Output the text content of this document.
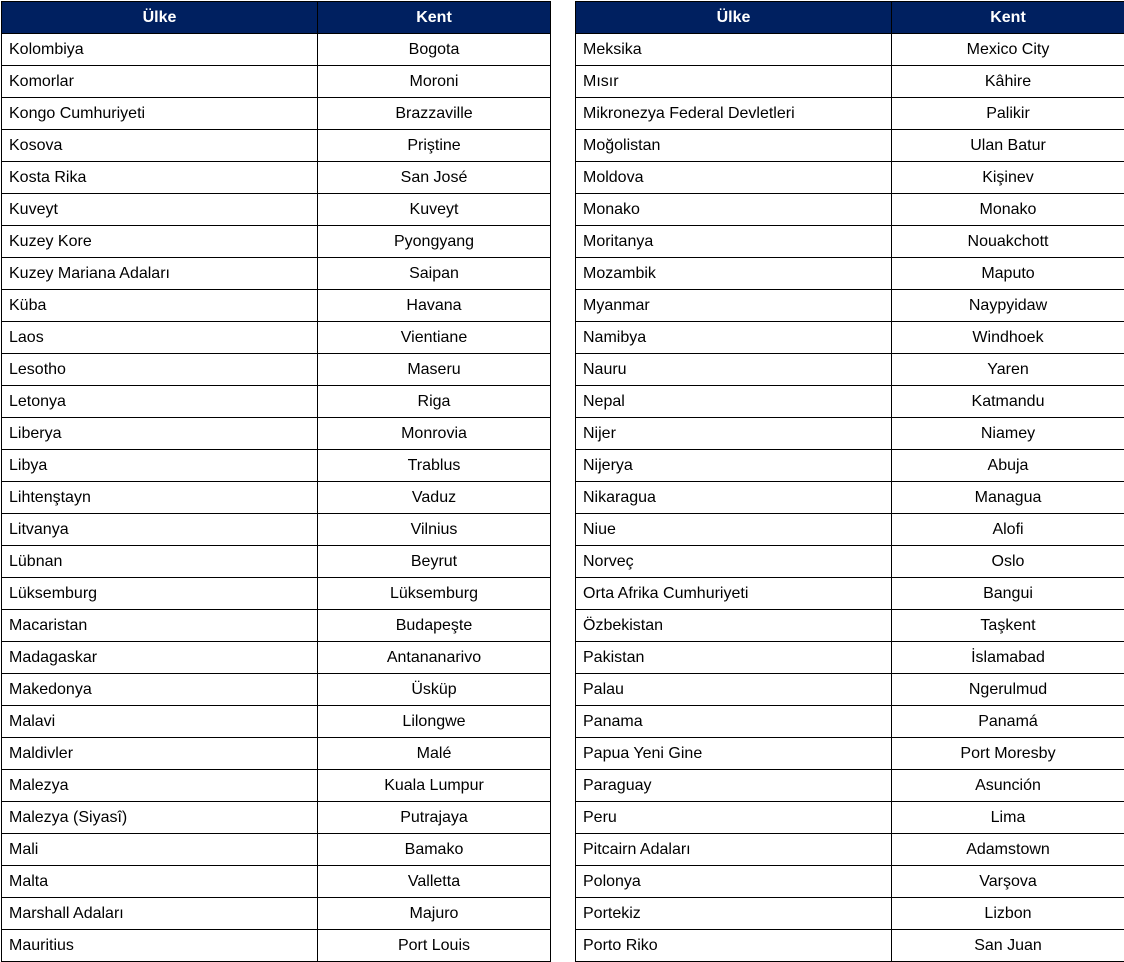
Ülke	Kent
Kolombiya	Bogota
Komorlar	Moroni
Kongo Cumhuriyeti	Brazzaville
Kosova	Priştine
Kosta Rika	San José
Kuveyt	Kuveyt
Kuzey Kore	Pyongyang
Kuzey Mariana Adaları	Saipan
Küba	Havana
Laos	Vientiane
Lesotho	Maseru
Letonya	Riga
Liberya	Monrovia
Libya	Trablus
Lihtenştayn	Vaduz
Litvanya	Vilnius
Lübnan	Beyrut
Lüksemburg	Lüksemburg
Macaristan	Budapeşte
Madagaskar	Antananarivo
Makedonya	Üsküp
Malavi	Lilongwe
Maldivler	Malé
Malezya	Kuala Lumpur
Malezya (Siyasî)	Putrajaya
Mali	Bamako
Malta	Valletta
Marshall Adaları	Majuro
Mauritius	Port Louis
Ülke	Kent
Meksika	Mexico City
Mısır	Kâhire
Mikronezya Federal Devletleri	Palikir
Moğolistan	Ulan Batur
Moldova	Kişinev
Monako	Monako
Moritanya	Nouakchott
Mozambik	Maputo
Myanmar	Naypyidaw
Namibya	Windhoek
Nauru	Yaren
Nepal	Katmandu
Nijer	Niamey
Nijerya	Abuja
Nikaragua	Managua
Niue	Alofi
Norveç	Oslo
Orta Afrika Cumhuriyeti	Bangui
Özbekistan	Taşkent
Pakistan	İslamabad
Palau	Ngerulmud
Panama	Panamá
Papua Yeni Gine	Port Moresby
Paraguay	Asunción
Peru	Lima
Pitcairn Adaları	Adamstown
Polonya	Varşova
Portekiz	Lizbon
Porto Riko	San Juan
